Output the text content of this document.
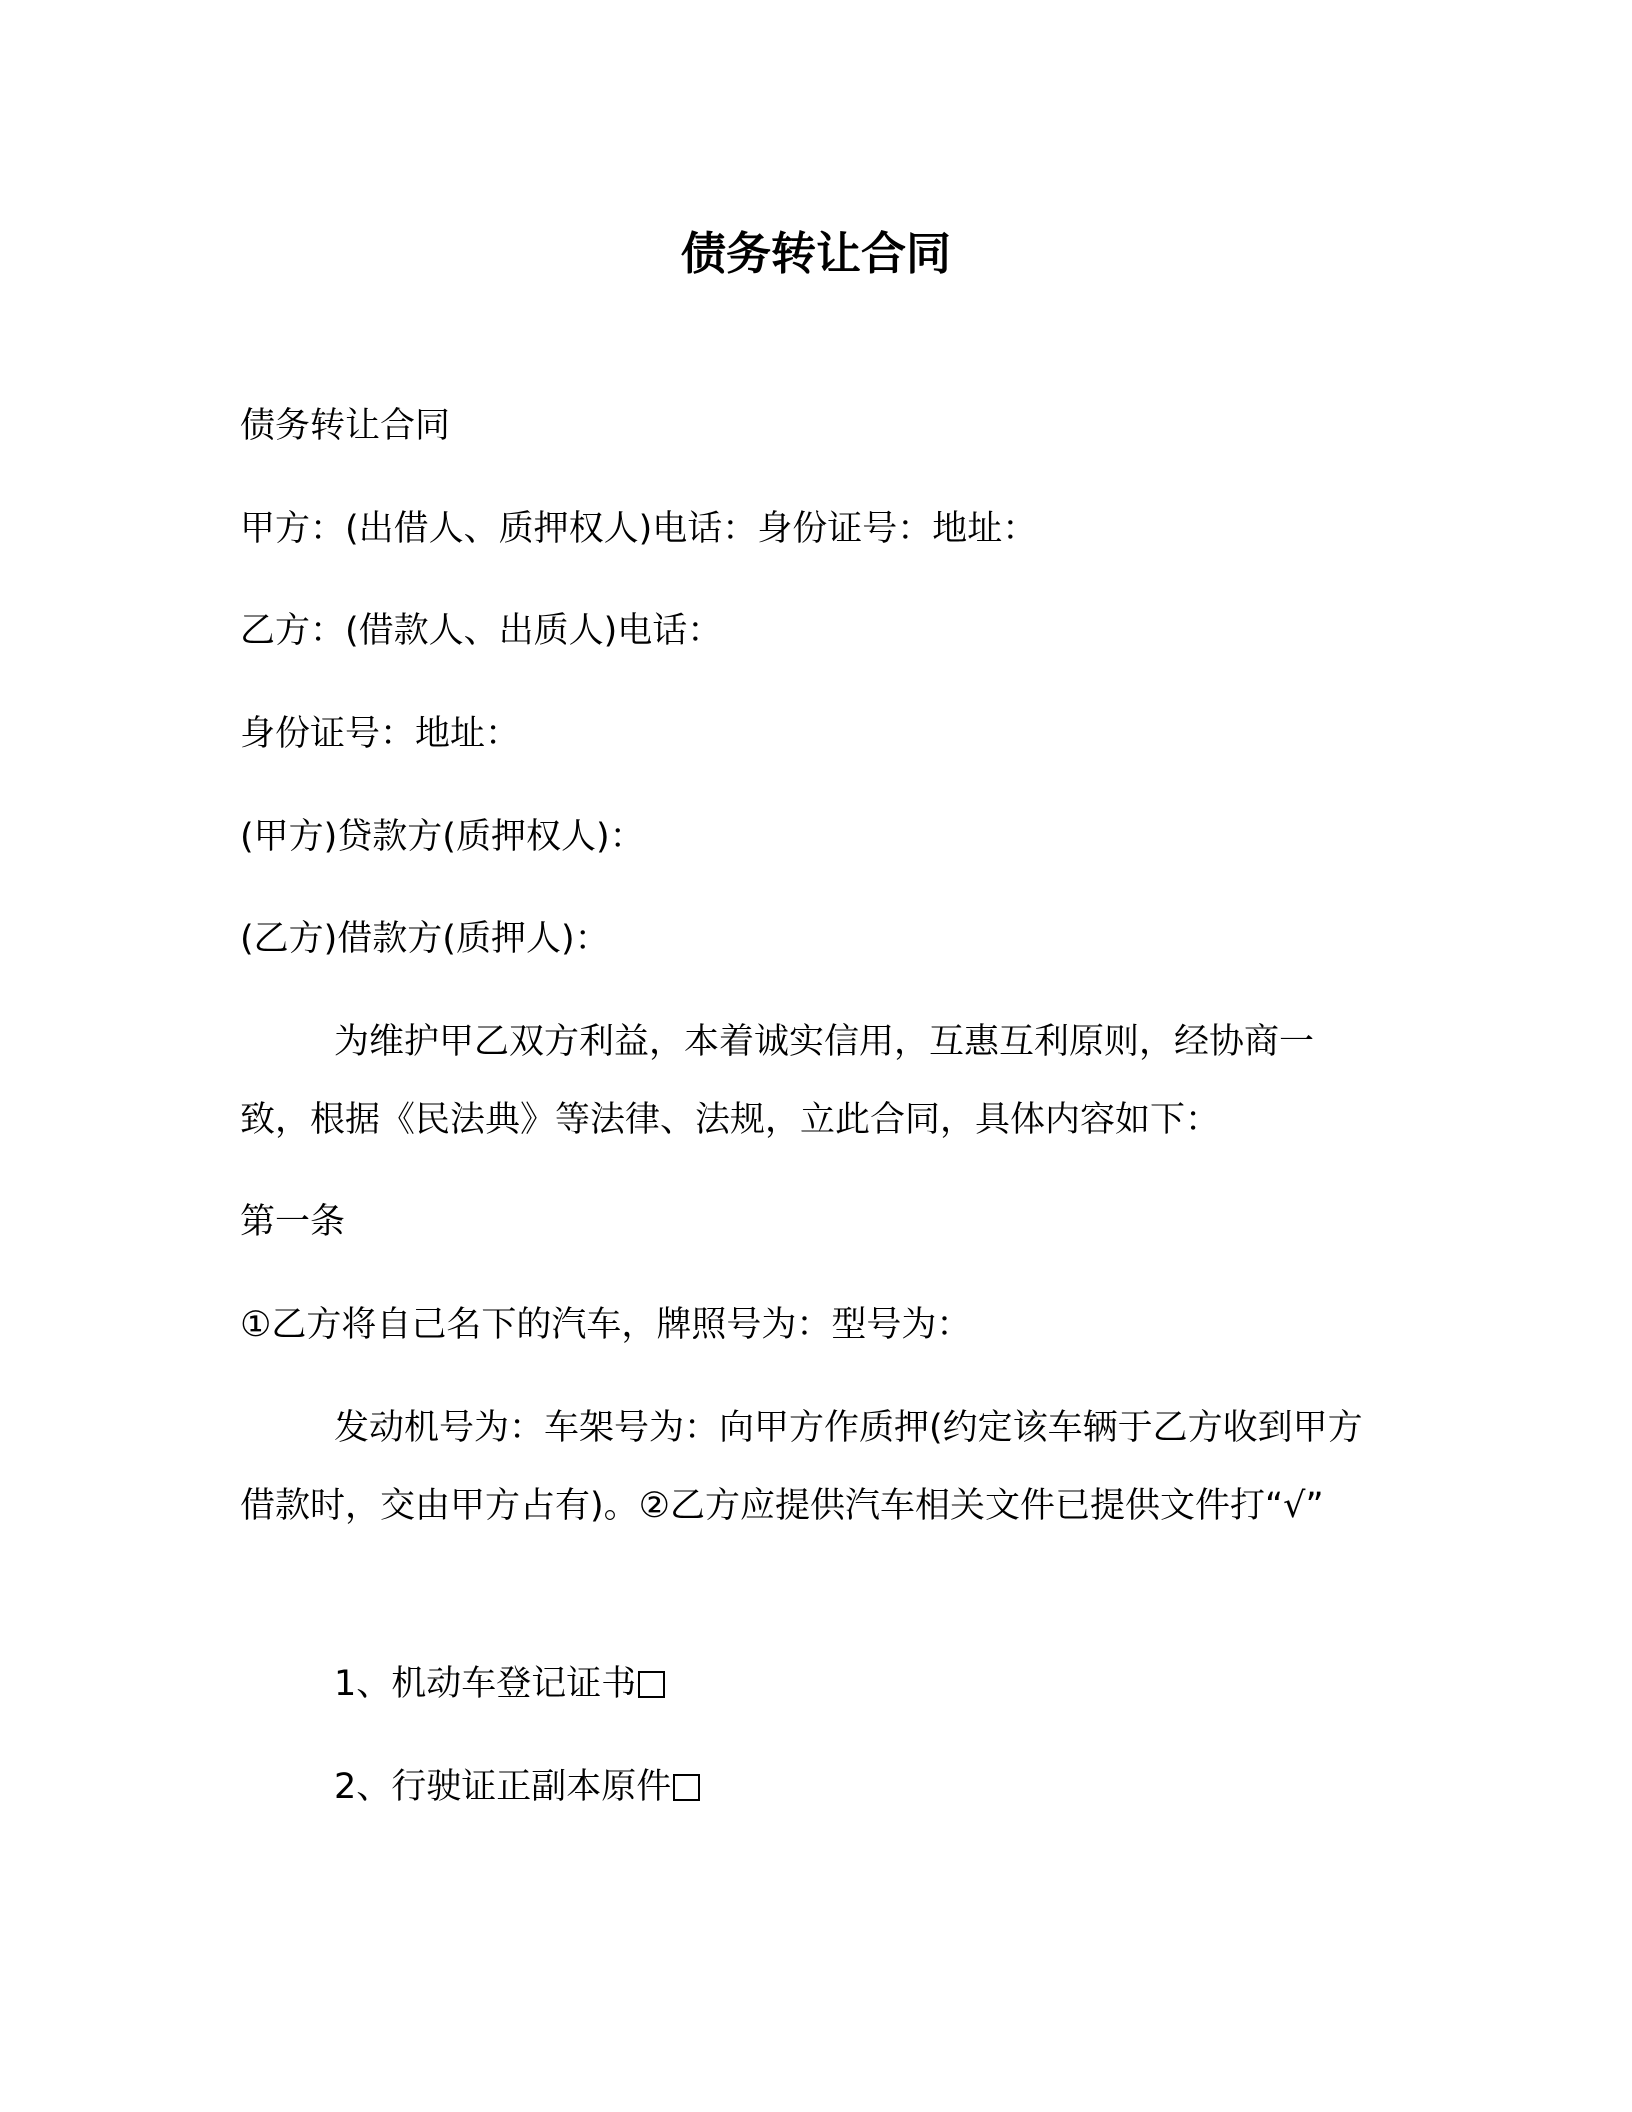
债务转让合同
债务转让合同
甲方：(出借人、质押权人)电话：身份证号：地址：
乙方：(借款人、出质人)电话：
身份证号：地址：
(甲方)贷款方(质押权人)：
(乙方)借款方(质押人)：
为维护甲乙双方利益，本着诚实信用，互惠互利原则，经协商一致，根据《民法典》等法律、法规，立此合同，具体内容如下：
第一条
①乙方将自己名下的汽车，牌照号为：型号为：
发动机号为：车架号为：向甲方作质押(约定该车辆于乙方收到甲方借款时，交由甲方占有)。②乙方应提供汽车相关文件已提供文件打“√”
1、机动车登记证书
2、行驶证正副本原件
